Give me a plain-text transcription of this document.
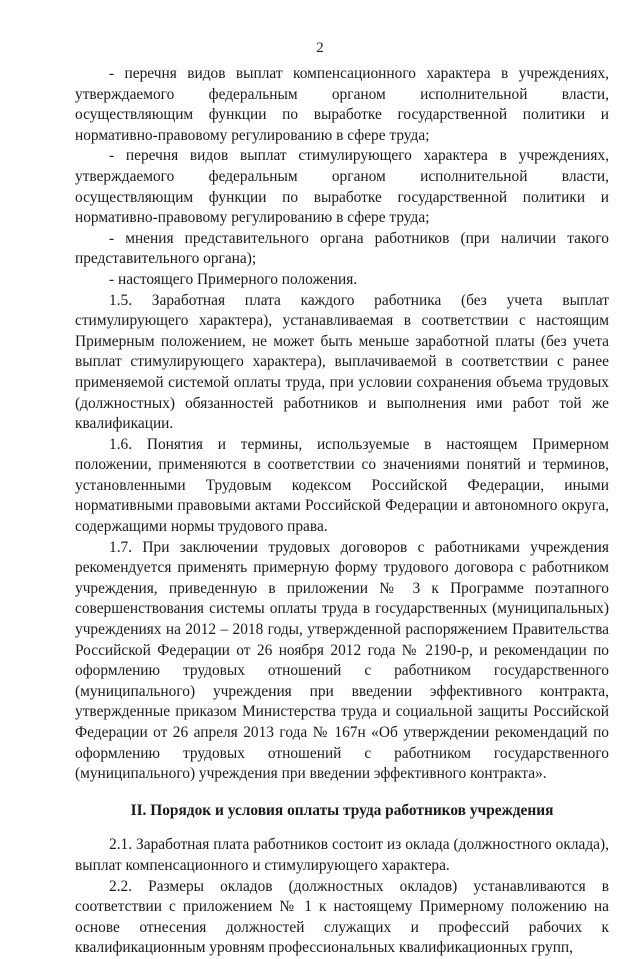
2

- перечня видов выплат компенсационного характера в учреждениях, утверждаемого федеральным органом исполнительной власти, осуществляющим функции по выработке государственной политики и нормативно-правовому регулированию в сфере труда;

- перечня видов выплат стимулирующего характера в учреждениях, утверждаемого федеральным органом исполнительной власти, осуществляющим функции по выработке государственной политики и нормативно-правовому регулированию в сфере труда;

- мнения представительного органа работников (при наличии такого представительного органа);

- настоящего Примерного положения.

1.5. Заработная плата каждого работника (без учета выплат стимулирующего характера), устанавливаемая в соответствии с настоящим Примерным положением, не может быть меньше заработной платы (без учета выплат стимулирующего характера), выплачиваемой в соответствии с ранее применяемой системой оплаты труда, при условии сохранения объема трудовых (должностных) обязанностей работников и выполнения ими работ той же квалификации.

1.6. Понятия и термины, используемые в настоящем Примерном положении, применяются в соответствии со значениями понятий и терминов, установленными Трудовым кодексом Российской Федерации, иными нормативными правовыми актами Российской Федерации и автономного округа, содержащими нормы трудового права.

1.7. При заключении трудовых договоров с работниками учреждения рекомендуется применять примерную форму трудового договора с работником учреждения, приведенную в приложении № 3 к Программе поэтапного совершенствования системы оплаты труда в государственных (муниципальных) учреждениях на 2012 – 2018 годы, утвержденной распоряжением Правительства Российской Федерации от 26 ноября 2012 года № 2190-р, и рекомендации по оформлению трудовых отношений с работником государственного (муниципального) учреждения при введении эффективного контракта, утвержденные приказом Министерства труда и социальной защиты Российской Федерации от 26 апреля 2013 года № 167н «Об утверждении рекомендаций по оформлению трудовых отношений с работником государственного (муниципального) учреждения при введении эффективного контракта».

II. Порядок и условия оплаты труда работников учреждения

2.1. Заработная плата работников состоит из оклада (должностного оклада), выплат компенсационного и стимулирующего характера.

2.2. Размеры окладов (должностных окладов) устанавливаются в соответствии с приложением № 1 к настоящему Примерному положению на основе отнесения должностей служащих и профессий рабочих к квалификационным уровням профессиональных квалификационных групп,
